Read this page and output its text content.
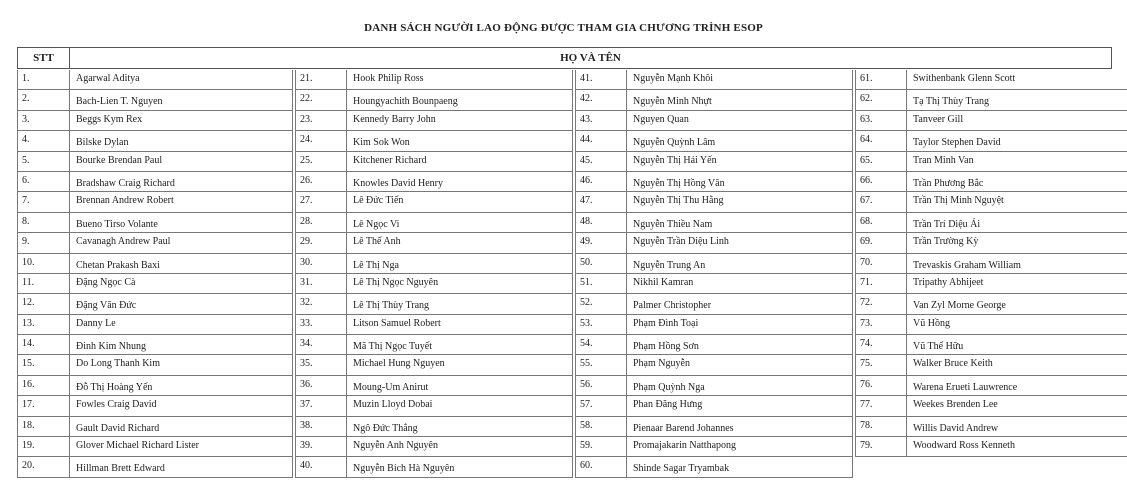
DANH SÁCH NGƯỜI LAO ĐỘNG ĐƯỢC THAM GIA CHƯƠNG TRÌNH ESOP
STT	HỌ VÀ TÊN
1.	Agarwal Aditya
2.	Bach-Lien T. Nguyen
3.	Beggs Kym Rex
4.	Bilske Dylan
5.	Bourke Brendan Paul
6.	Bradshaw Craig Richard
7.	Brennan Andrew Robert
8.	Bueno Tirso Volante
9.	Cavanagh Andrew Paul
10.	Chetan Prakash Baxi
11.	Đặng Ngọc Cà
12.	Đặng Văn Đức
13.	Danny Le
14.	Đinh Kim Nhung
15.	Do Long Thanh Kim
16.	Đỗ Thị Hoàng Yến
17.	Fowles Craig David
18.	Gault David Richard
19.	Glover Michael Richard Lister
20.	Hillman Brett Edward
21.	Hook Philip Ross
22.	Houngyachith Bounpaeng
23.	Kennedy Barry John
24.	Kim Sok Won
25.	Kitchener Richard
26.	Knowles David Henry
27.	Lê Đức Tiến
28.	Lê Ngọc Vi
29.	Lê Thế Anh
30.	Lê Thị Nga
31.	Lê Thị Ngọc Nguyên
32.	Lê Thị Thùy Trang
33.	Litson Samuel Robert
34.	Mã Thị Ngọc Tuyết
35.	Michael Hung Nguyen
36.	Moung-Um Anirut
37.	Muzin Lloyd Dobai
38.	Ngô Đức Thắng
39.	Nguyễn Anh Nguyên
40.	Nguyễn Bích Hà Nguyên
41.	Nguyễn Mạnh Khôi
42.	Nguyễn Minh Nhựt
43.	Nguyen Quan
44.	Nguyễn Quỳnh Lâm
45.	Nguyễn Thị Hải Yến
46.	Nguyễn Thị Hồng Vân
47.	Nguyễn Thị Thu Hằng
48.	Nguyễn Thiều Nam
49.	Nguyễn Trần Diệu Linh
50.	Nguyễn Trung An
51.	Nikhil Kamran
52.	Palmer Christopher
53.	Phạm Đình Toại
54.	Phạm Hồng Sơn
55.	Phạm Nguyễn
56.	Phạm Quỳnh Nga
57.	Phan Đăng Hưng
58.	Pienaar Barend Johannes
59.	Promajakarin Natthapong
60.	Shinde Sagar Tryambak
61.	Swithenbank Glenn Scott
62.	Tạ Thị Thùy Trang
63.	Tanveer Gill
64.	Taylor Stephen David
65.	Tran Minh Van
66.	Trần Phương Bắc
67.	Trần Thị Minh Nguyệt
68.	Trần Trí Diệu Ái
69.	Trần Trường Kỳ
70.	Trevaskis Graham William
71.	Tripathy Abhijeet
72.	Van Zyl Morne George
73.	Vũ Hồng
74.	Vũ Thế Hữu
75.	Walker Bruce Keith
76.	Warena Erueti Lauwrence
77.	Weekes Brenden Lee
78.	Willis David Andrew
79.	Woodward Ross Kenneth
